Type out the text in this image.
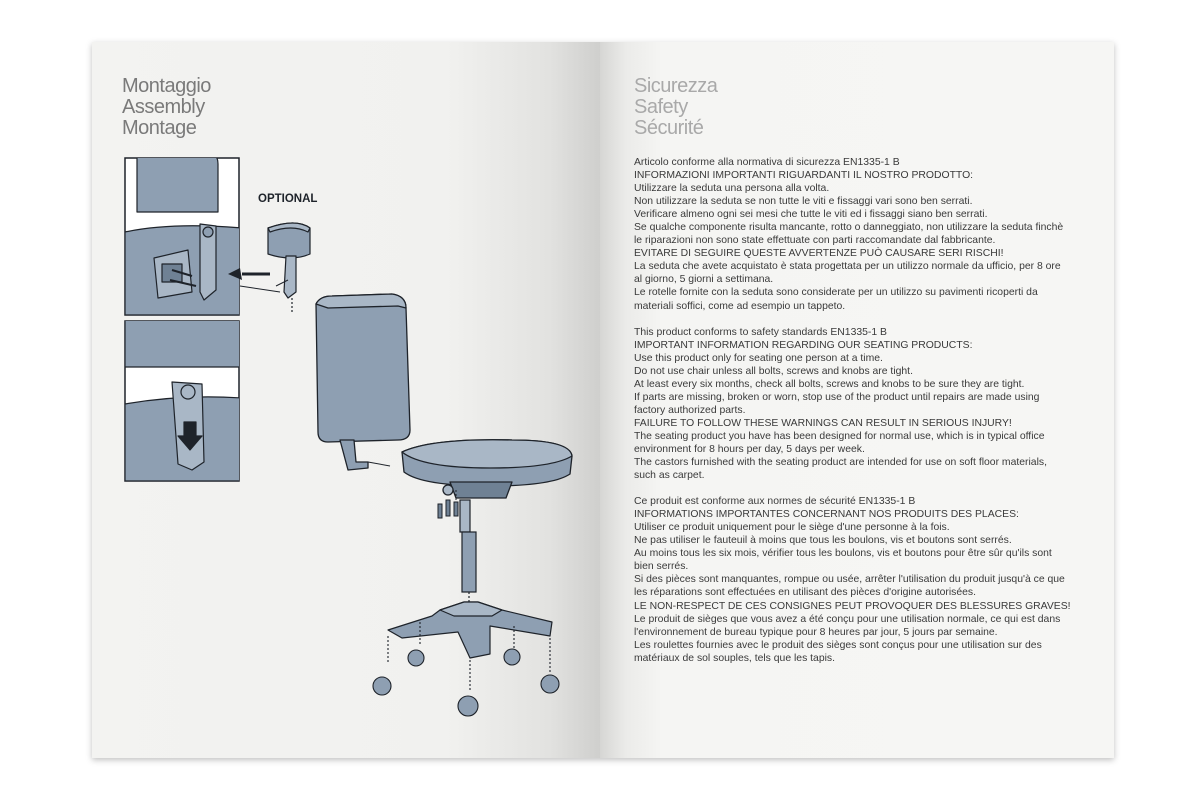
Montaggio
Assembly
Montage
OPTIONAL
Sicurezza
Safety
Sécurité
Articolo conforme alla normativa di sicurezza EN1335-1 B
INFORMAZIONI IMPORTANTI RIGUARDANTI IL NOSTRO PRODOTTO:
Utilizzare la seduta una persona alla volta.
Non utilizzare la seduta se non tutte le viti e fissaggi vari sono ben serrati.
Verificare almeno ogni sei mesi che tutte le viti ed i fissaggi siano ben serrati.
Se qualche componente risulta mancante, rotto o danneggiato, non utilizzare la seduta finchè
le riparazioni non sono state effettuate con parti raccomandate dal fabbricante.
EVITARE DI SEGUIRE QUESTE AVVERTENZE PUÒ CAUSARE SERI RISCHI!
La seduta che avete acquistato è stata progettata per un utilizzo normale da ufficio, per 8 ore
al giorno, 5 giorni a settimana.
Le rotelle fornite con la seduta sono considerate per un utilizzo su pavimenti ricoperti da
materiali soffici, come ad esempio un tappeto.
This product conforms to safety standards EN1335-1 B
IMPORTANT INFORMATION REGARDING OUR SEATING PRODUCTS:
Use this product only for seating one person at a time.
Do not use chair unless all bolts, screws and knobs are tight.
At least every six months, check all bolts, screws and knobs to be sure they are tight.
If parts are missing, broken or worn, stop use of the product until repairs are made using
factory authorized parts.
FAILURE TO FOLLOW THESE WARNINGS CAN RESULT IN SERIOUS INJURY!
The seating product you have has been designed for normal use, which is in typical office
environment for 8 hours per day, 5 days per week.
The castors furnished with the seating product are intended for use on soft floor materials,
such as carpet.
Ce produit est conforme aux normes de sécurité EN1335-1 B
INFORMATIONS IMPORTANTES CONCERNANT NOS PRODUITS DES PLACES:
Utiliser ce produit uniquement pour le siège d'une personne à la fois.
Ne pas utiliser le fauteuil à moins que tous les boulons, vis et boutons sont serrés.
Au moins tous les six mois, vérifier tous les boulons, vis et boutons pour être sûr qu'ils sont
bien serrés.
Si des pièces sont manquantes, rompue ou usée, arrêter l'utilisation du produit jusqu'à ce que
les réparations sont effectuées en utilisant des pièces d'origine autorisées.
LE NON-RESPECT DE CES CONSIGNES PEUT PROVOQUER DES BLESSURES GRAVES!
Le produit de sièges que vous avez a été conçu pour une utilisation normale, ce qui est dans
l'environnement de bureau typique pour 8 heures par jour, 5 jours par semaine.
Les roulettes fournies avec le produit des sièges sont conçus pour une utilisation sur des
matériaux de sol souples, tels que les tapis.
